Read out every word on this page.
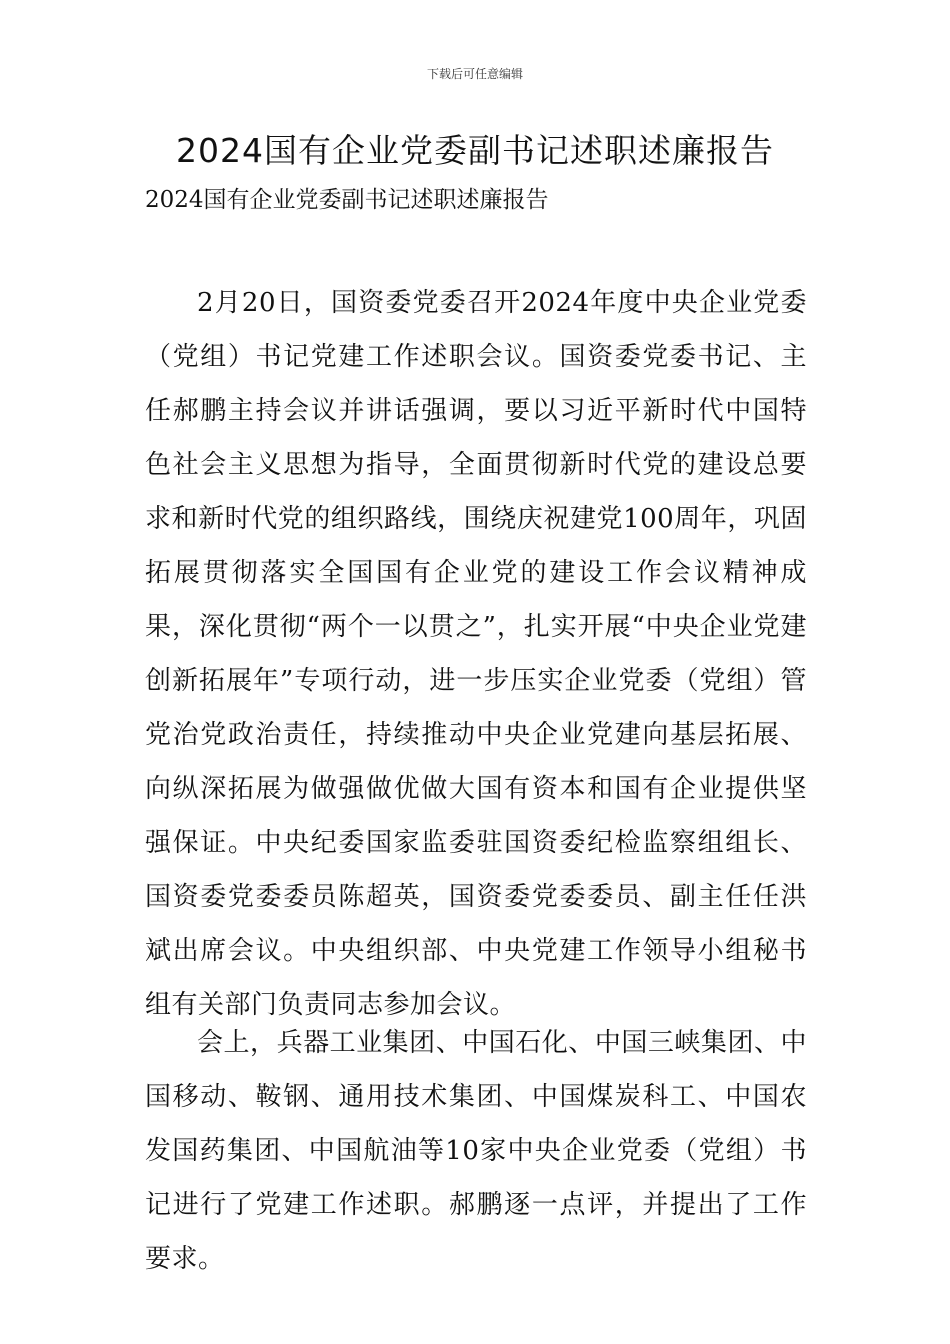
下载后可任意编辑
2024国有企业党委副书记述职述廉报告

2024国有企业党委副书记述职述廉报告

2月20日，国资委党委召开2024年度中央企业党委（党组）书记党建工作述职会议。国资委党委书记、主任郝鹏主持会议并讲话强调，要以习近平新时代中国特色社会主义思想为指导，全面贯彻新时代党的建设总要求和新时代党的组织路线，围绕庆祝建党100周年，巩固拓展贯彻落实全国国有企业党的建设工作会议精神成果，深化贯彻“两个一以贯之”，扎实开展“中央企业党建创新拓展年”专项行动，进一步压实企业党委（党组）管党治党政治责任，持续推动中央企业党建向基层拓展、向纵深拓展为做强做优做大国有资本和国有企业提供坚强保证。中央纪委国家监委驻国资委纪检监察组组长、国资委党委委员陈超英，国资委党委委员、副主任任洪斌出席会议。中央组织部、中央党建工作领导小组秘书组有关部门负责同志参加会议。

会上，兵器工业集团、中国石化、中国三峡集团、中国移动、鞍钢、通用技术集团、中国煤炭科工、中国农发国药集团、中国航油等10家中央企业党委（党组）书记进行了党建工作述职。郝鹏逐一点评，并提出了工作要求。
